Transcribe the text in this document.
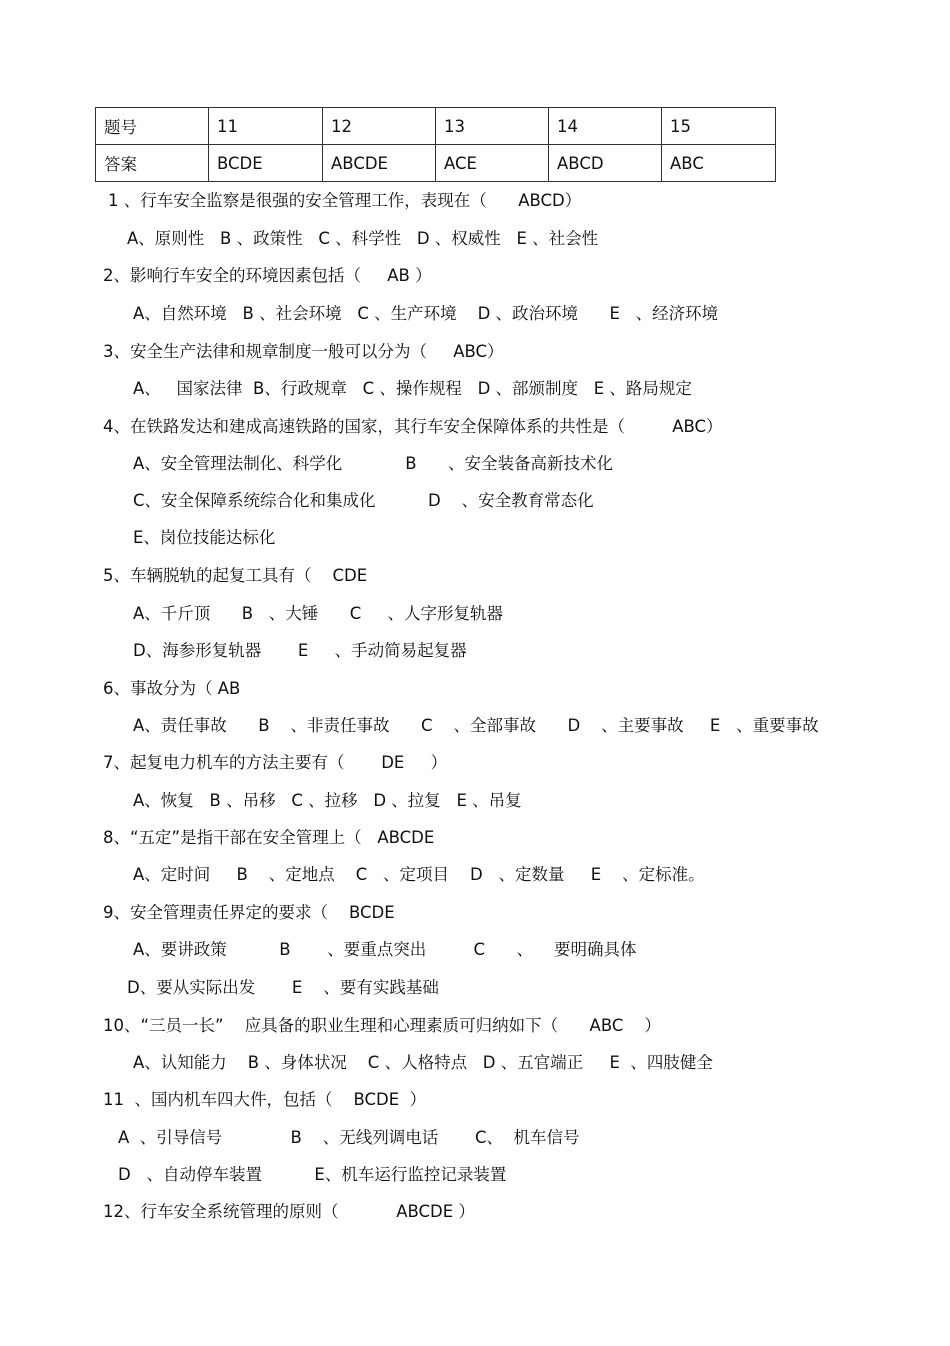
题号	11	12	13	14	15
答案	BCDE	ABCDE	ACE	ABCD	ABC
1 、行车安全监察是很强的安全管理工作，表现在（      ABCD）
A、原则性   B 、政策性   C 、科学性   D 、权威性   E 、社会性
2、影响行车安全的环境因素包括（     AB ）
A、自然环境   B 、社会环境   C 、生产环境    D 、政治环境      E   、经济环境
3、安全生产法律和规章制度一般可以分为（     ABC）
A、   国家法律  B、行政规章   C 、操作规程   D 、部颁制度   E 、路局规定
4、在铁路发达和建成高速铁路的国家，其行车安全保障体系的共性是（         ABC）
A、安全管理法制化、科学化            B      、安全装备高新技术化
C、安全保障系统综合化和集成化          D    、安全教育常态化
E、岗位技能达标化
5、车辆脱轨的起复工具有（    CDE
A、千斤顶      B   、大锤      C     、人字形复轨器
D、海参形复轨器       E     、手动简易起复器
6、事故分为（ AB
A、责任事故      B    、非责任事故      C    、全部事故      D    、主要事故     E   、重要事故
7、起复电力机车的方法主要有（       DE     ）
A、恢复   B 、吊移   C 、拉移   D 、拉复   E 、吊复
8、“五定”是指干部在安全管理上（   ABCDE
A、定时间     B    、定地点    C   、定项目    D   、定数量     E    、定标准。
9、安全管理责任界定的要求（    BCDE
A、要讲政策          B       、要重点突出         C      、    要明确具体
D、要从实际出发       E    、要有实践基础
10、“三员一长”    应具备的职业生理和心理素质可归纳如下（      ABC    ）
A、认知能力    B 、身体状况    C 、人格特点   D 、五官端正     E  、四肢健全
11  、国内机车四大件，包括（    BCDE  ）
A  、引导信号             B    、无线列调电话       C、  机车信号
D   、自动停车装置          E、机车运行监控记录装置
12、行车安全系统管理的原则（           ABCDE ）
